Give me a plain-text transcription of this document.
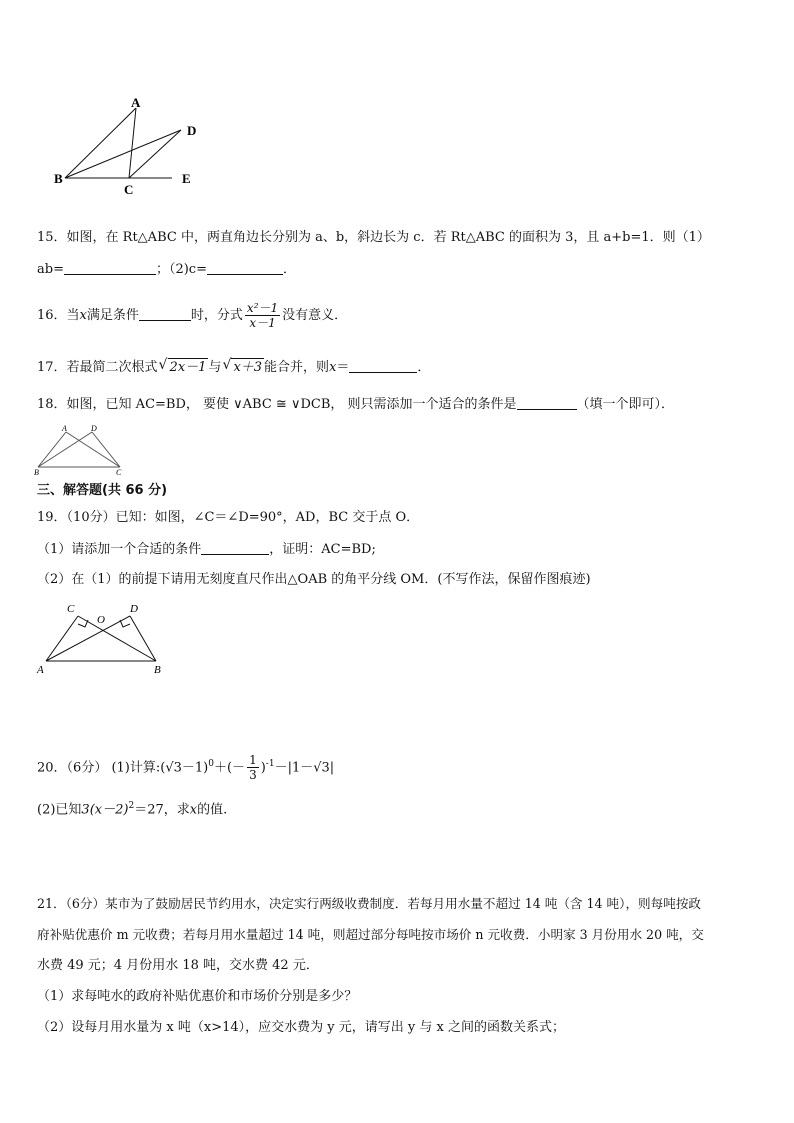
A
D
B
C
E
15．如图，在 Rt△ABC 中，两直角边长分别为 a、b，斜边长为 c．若 Rt△ABC 的面积为 3，且 a+b=1．则（1）
ab=	；（2)c=	．
16．当x满足条件	时，分式 $\frac{\text{x²－1}}{x-1}$ 没有意义．
17．若最简二次根式 √ 2x－1 与 √ x＋3 能合并，则x＝	．
18．如图，已知 AC=BD， 要使 ∨ABC ≅ ∨DCB， 则只需添加一个适合的条件是	（填一个即可）．
A	D
B	C
三、解答题(共 66 分)
19．（10分）已知：如图，∠C＝∠D=90°，AD，BC 交于点 O．
（1）请添加一个合适的条件	，证明：AC=BD;
（2）在（1）的前提下请用无刻度直尺作出△OAB 的角平分线 OM．(不写作法，保留作图痕迹)
C
O
D
A	B
20．（6分） (1)计算$:(√3-1)^0+(- \frac{1}{3} )^{-1}-|1-√3|$
(2)已知$3(x-2)^2=27$，求x的值.
21．（6分）某市为了鼓励居民节约用水，决定实行两级收费制度．若每月用水量不超过 14 吨（含 14 吨），则每吨按政
府补贴优惠价 m 元收费；若每月用水量超过 14 吨，则超过部分每吨按市场价 n 元收费．小明家 3 月份用水 20 吨，交
水费 49 元；4 月份用水 18 吨，交水费 42 元．
（1）求每吨水的政府补贴优惠价和市场价分别是多少？
（2）设每月用水量为 x 吨（x>14），应交水费为 y 元，请写出 y 与 x 之间的函数关系式；
